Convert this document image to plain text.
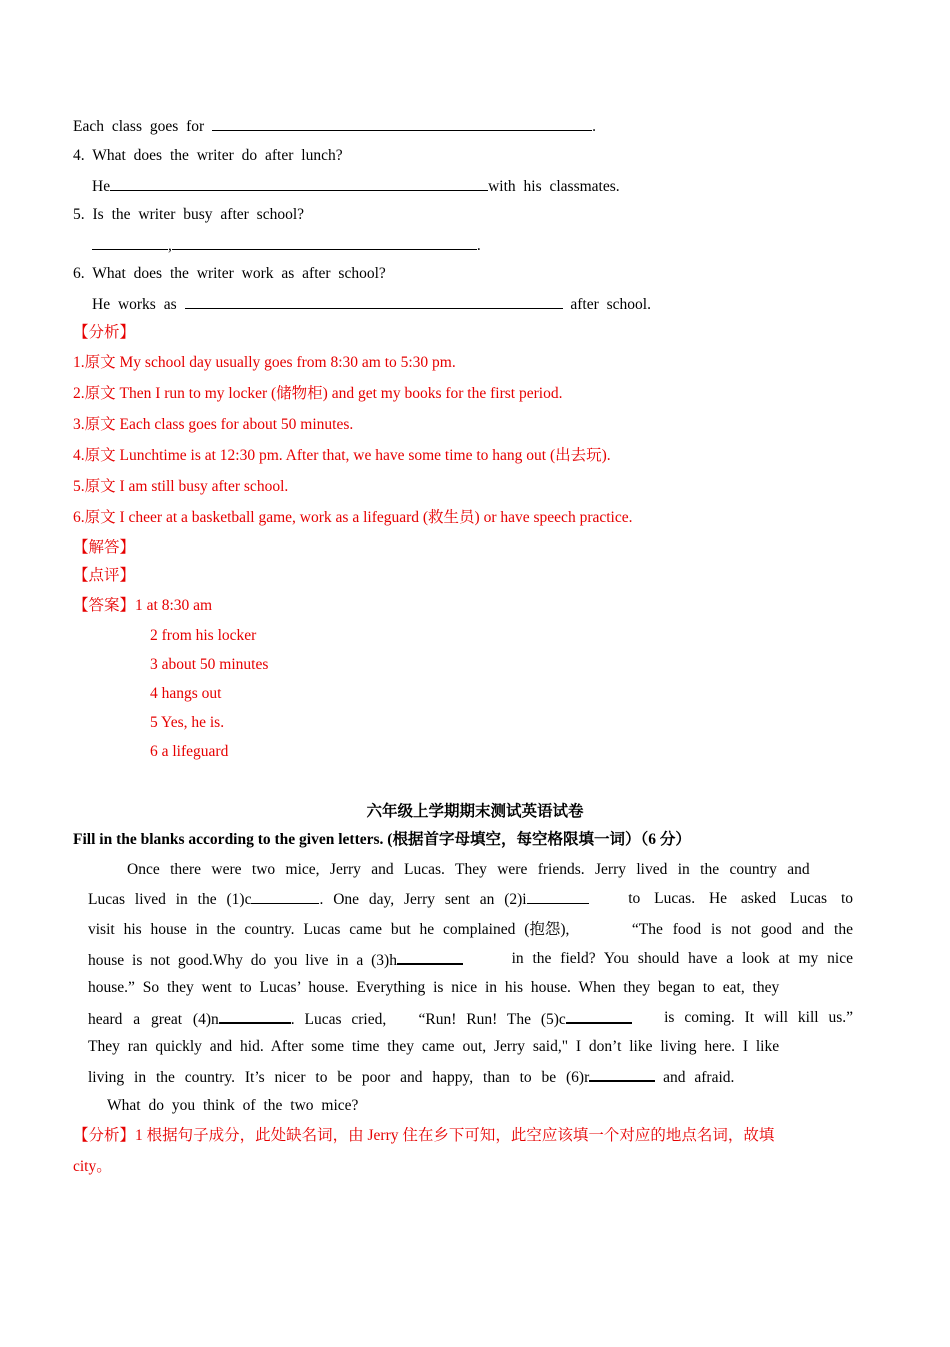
Each class goes for	.
4. What does the writer do after lunch?
He	with his classmates.
5. Is the writer busy after school?
,	.
6. What does the writer work as after school?
He works as	after school.
【分析】
1.原文 My school day usually goes from 8:30 am to 5:30 pm.
2.原文 Then I run to my locker (储物柜) and get my books for the first period.
3.原文 Each class goes for about 50 minutes.
4.原文 Lunchtime is at 12:30 pm. After that, we have some time to hang out (出去玩).
5.原文 I am still busy after school.
6.原文 I cheer at a basketball game, work as a lifeguard (救生员) or have speech practice.
【解答】
【点评】
【答案】1 at 8:30 am
2 from his locker
3 about 50 minutes
4 hangs out
5 Yes, he is.
6 a lifeguard
六年级上学期期末测试英语试卷
Fill in the blanks according to the given letters. (根据首字母填空，每空格限填一词）（6 分）
Once there were two mice, Jerry and Lucas. They were friends. Jerry lived in the country and
Lucas lived in the (1)c	. One day, Jerry sent an (2)i	to Lucas. He asked Lucas to
visit his house in the country. Lucas came but he complained (抱怨),	“The food is not good and the
house is not good.Why do you live in a (3)h	in the field? You should have a look at my nice
house.” So they went to Lucas’ house. Everything is nice in his house. When they began to eat, they
heard a great (4)n	. Lucas cried, “Run! Run! The (5)c	is coming. It will kill us.”
They ran quickly and hid. After some time they came out, Jerry said," I don’t like living here. I like
living in the country. It’s nicer to be poor and happy, than to be (6)r	and afraid.
What do you think of the two mice?
【分析】1 根据句子成分，此处缺名词，由 Jerry 住在乡下可知，此空应该填一个对应的地点名词，故填
city。
